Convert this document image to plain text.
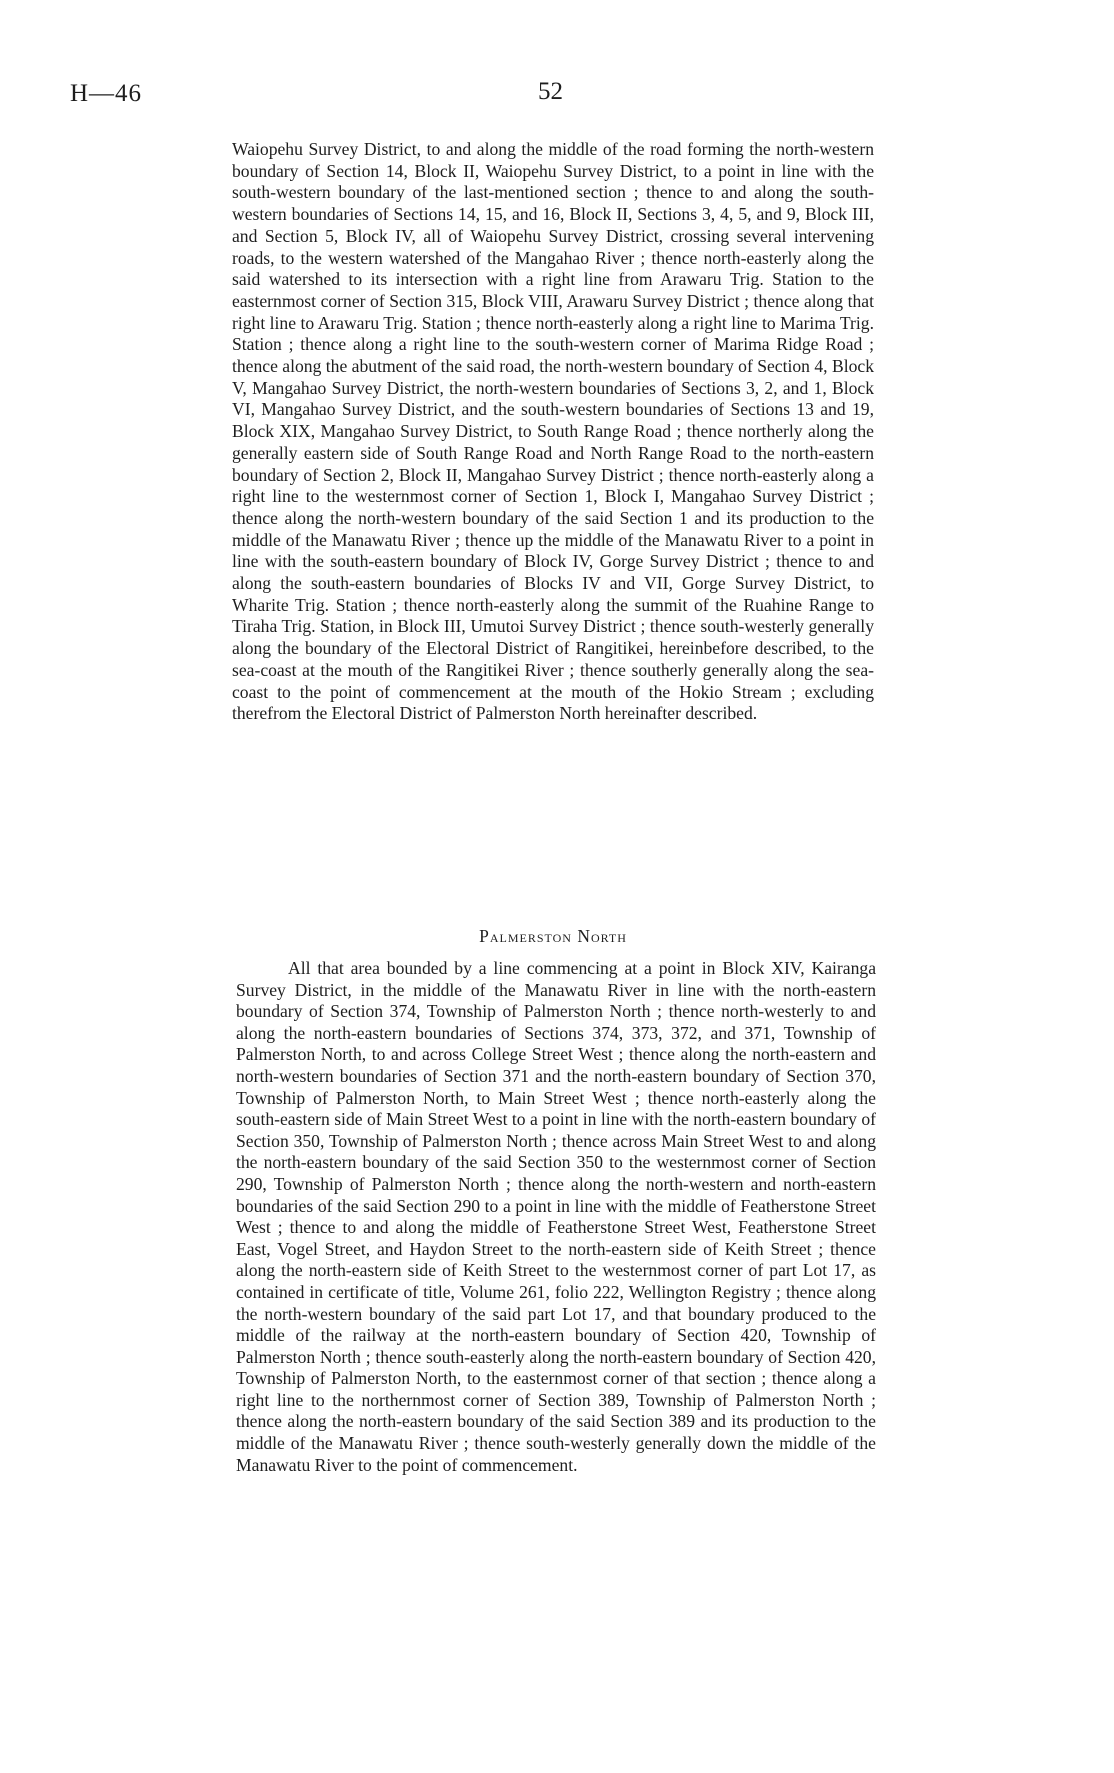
H—46	52

Waiopehu Survey District, to and along the middle of the road forming the north-western boundary of Section 14, Block II, Waiopehu Survey District, to a point in line with the south-western boundary of the last-mentioned section ; thence to and along the south-western boundaries of Sections 14, 15, and 16, Block II, Sections 3, 4, 5, and 9, Block III, and Section 5, Block IV, all of Waiopehu Survey District, crossing several intervening roads, to the western watershed of the Mangahao River ; thence north-easterly along the said watershed to its intersection with a right line from Arawaru Trig. Station to the easternmost corner of Section 315, Block VIII, Arawaru Survey District ; thence along that right line to Arawaru Trig. Station ; thence north-easterly along a right line to Marima Trig. Station ; thence along a right line to the south-western corner of Marima Ridge Road ; thence along the abutment of the said road, the north-western boundary of Section 4, Block V, Mangahao Survey District, the north-western boundaries of Sections 3, 2, and 1, Block VI, Mangahao Survey District, and the south-western boundaries of Sections 13 and 19, Block XIX, Mangahao Survey District, to South Range Road ; thence northerly along the generally eastern side of South Range Road and North Range Road to the north-eastern boundary of Section 2, Block II, Mangahao Survey District ; thence north-easterly along a right line to the westernmost corner of Section 1, Block I, Mangahao Survey District ; thence along the north-western boundary of the said Section 1 and its production to the middle of the Manawatu River ; thence up the middle of the Manawatu River to a point in line with the south-eastern boundary of Block IV, Gorge Survey District ; thence to and along the south-eastern boundaries of Blocks IV and VII, Gorge Survey District, to Wharite Trig. Station ; thence north-easterly along the summit of the Ruahine Range to Tiraha Trig. Station, in Block III, Umutoi Survey District ; thence south-westerly generally along the boundary of the Electoral District of Rangitikei, hereinbefore described, to the sea-coast at the mouth of the Rangitikei River ; thence southerly generally along the sea-coast to the point of commencement at the mouth of the Hokio Stream ; excluding therefrom the Electoral District of Palmerston North hereinafter described.

Palmerston North

All that area bounded by a line commencing at a point in Block XIV, Kairanga Survey District, in the middle of the Manawatu River in line with the north-eastern boundary of Section 374, Township of Palmerston North ; thence north-westerly to and along the north-eastern boundaries of Sections 374, 373, 372, and 371, Township of Palmerston North, to and across College Street West ; thence along the north-eastern and north-western boundaries of Section 371 and the north-eastern boundary of Section 370, Township of Palmerston North, to Main Street West ; thence north-easterly along the south-eastern side of Main Street West to a point in line with the north-eastern boundary of Section 350, Township of Palmerston North ; thence across Main Street West to and along the north-eastern boundary of the said Section 350 to the westernmost corner of Section 290, Township of Palmerston North ; thence along the north-western and north-eastern boundaries of the said Section 290 to a point in line with the middle of Featherstone Street West ; thence to and along the middle of Featherstone Street West, Featherstone Street East, Vogel Street, and Haydon Street to the north-eastern side of Keith Street ; thence along the north-eastern side of Keith Street to the westernmost corner of part Lot 17, as contained in certificate of title, Volume 261, folio 222, Wellington Registry ; thence along the north-western boundary of the said part Lot 17, and that boundary produced to the middle of the railway at the north-eastern boundary of Section 420, Township of Palmerston North ; thence south-easterly along the north-eastern boundary of Section 420, Township of Palmerston North, to the easternmost corner of that section ; thence along a right line to the northernmost corner of Section 389, Township of Palmerston North ; thence along the north-eastern boundary of the said Section 389 and its production to the middle of the Manawatu River ; thence south-westerly generally down the middle of the Manawatu River to the point of commencement.
